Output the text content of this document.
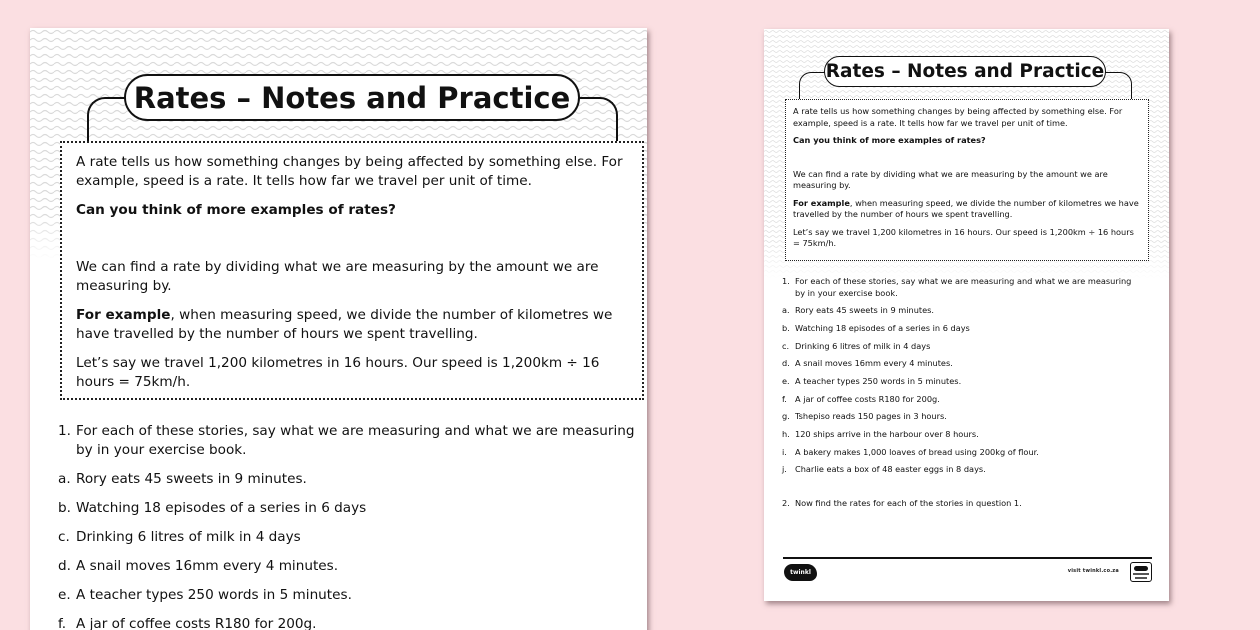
Rates – Notes and Practice

A rate tells us how something changes by being affected by something else. For example, speed is a rate. It tells how far we travel per unit of time.

Can you think of more examples of rates?

We can find a rate by dividing what we are measuring by the amount we are measuring by.

For example, when measuring speed, we divide the number of kilometres we have travelled by the number of hours we spent travelling.

Let’s say we travel 1,200 kilometres in 16 hours. Our speed is 1,200km ÷ 16 hours = 75km/h.

1. For each of these stories, say what we are measuring and what we are measuring by in your exercise book.
a. Rory eats 45 sweets in 9 minutes.
b. Watching 18 episodes of a series in 6 days
c. Drinking 6 litres of milk in 4 days
d. A snail moves 16mm every 4 minutes.
e. A teacher types 250 words in 5 minutes.
f. A jar of coffee costs R180 for 200g.
Rates – Notes and Practice

A rate tells us how something changes by being affected by something else. For example, speed is a rate. It tells how far we travel per unit of time.

Can you think of more examples of rates?

We can find a rate by dividing what we are measuring by the amount we are measuring by.

For example, when measuring speed, we divide the number of kilometres we have travelled by the number of hours we spent travelling.

Let’s say we travel 1,200 kilometres in 16 hours. Our speed is 1,200km ÷ 16 hours = 75km/h.

1. For each of these stories, say what we are measuring and what we are measuring by in your exercise book.
a. Rory eats 45 sweets in 9 minutes.
b. Watching 18 episodes of a series in 6 days
c. Drinking 6 litres of milk in 4 days
d. A snail moves 16mm every 4 minutes.
e. A teacher types 250 words in 5 minutes.
f. A jar of coffee costs R180 for 200g.
g. Tshepiso reads 150 pages in 3 hours.
h. 120 ships arrive in the harbour over 8 hours.
i. A bakery makes 1,000 loaves of bread using 200kg of flour.
j. Charlie eats a box of 48 easter eggs in 8 days.
2. Now find the rates for each of the stories in question 1.
twinkl	visit twinkl.co.za
